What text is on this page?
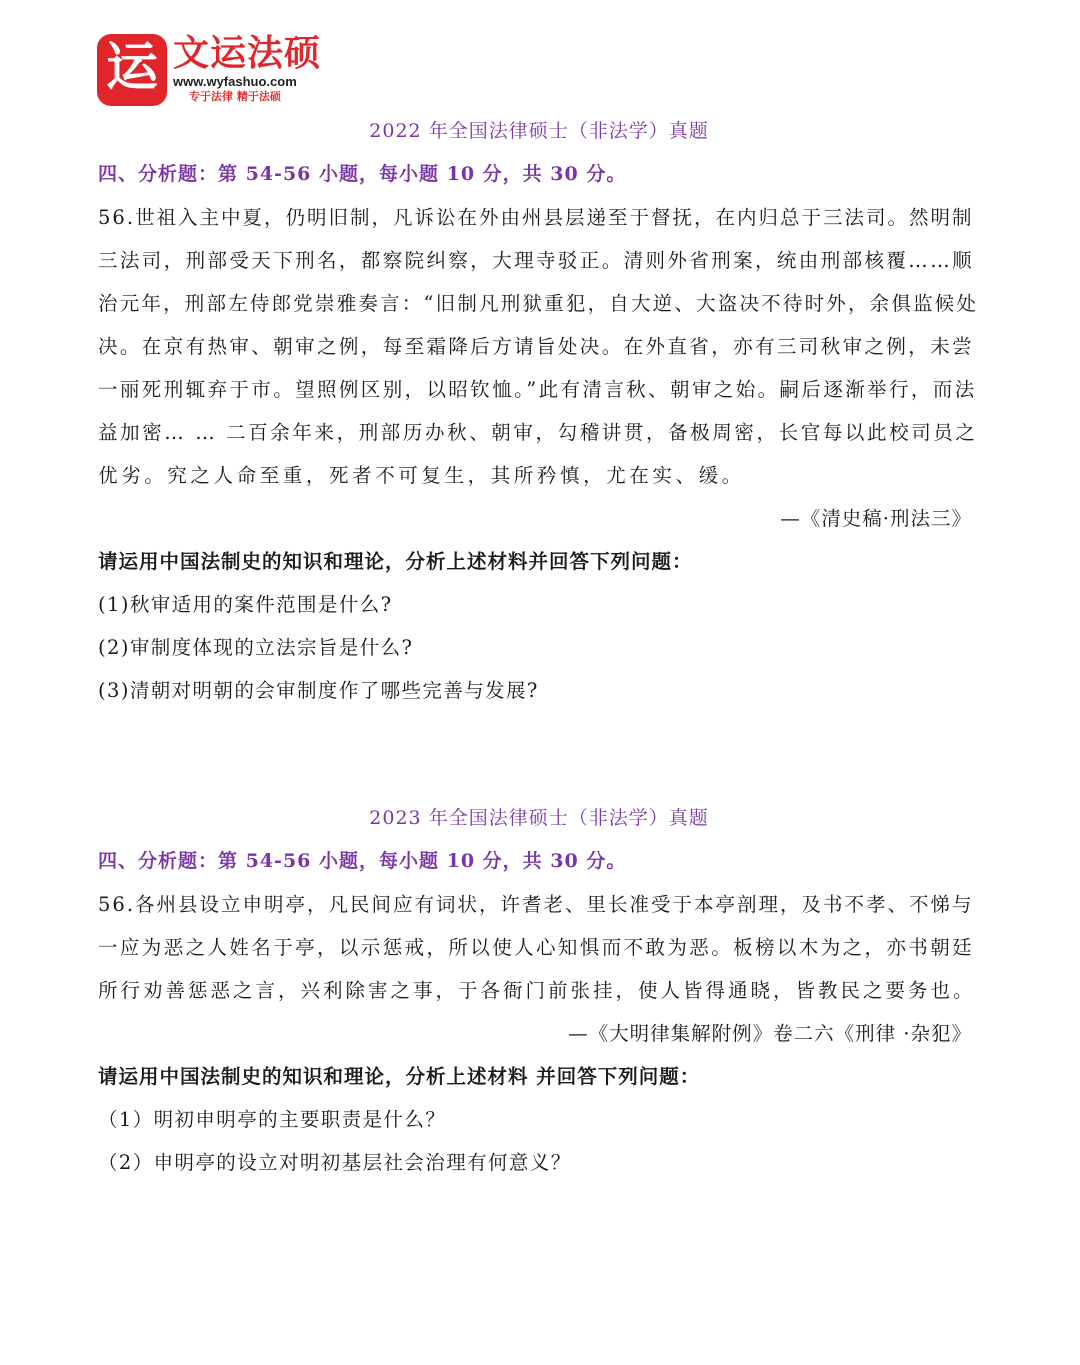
运 文运法硕
www.wyfashuo.com
专于法律 精于法硕
2022 年全国法律硕士（非法学）真题
四、分析题：第 54-56 小题，每小题 10 分，共 30 分。
56.世祖入主中夏，仍明旧制，凡诉讼在外由州县层递至于督抚，在内归总于三法司。然明制
三法司，刑部受天下刑名，都察院纠察，大理寺驳正。清则外省刑案，统由刑部核覆……顺
治元年，刑部左侍郎党崇雅奏言：“旧制凡刑狱重犯，自大逆、大盗决不待时外，余俱监候处
决。在京有热审、朝审之例，每至霜降后方请旨处决。在外直省，亦有三司秋审之例，未尝
一丽死刑辄弃于市。望照例区别，以昭钦恤。”此有清言秋、朝审之始。嗣后逐渐举行，而法
益加密… … 二百余年来，刑部历办秋、朝审，勾稽讲贯，备极周密，长官每以此校司员之
优劣。究之人命至重，死者不可复生，其所矜慎，尤在实、缓。
—《清史稿·刑法三》
请运用中国法制史的知识和理论，分析上述材料并回答下列问题：
(1)秋审适用的案件范围是什么?
(2)审制度体现的立法宗旨是什么?
(3)清朝对明朝的会审制度作了哪些完善与发展?
2023 年全国法律硕士（非法学）真题
四、分析题：第 54-56 小题，每小题 10 分，共 30 分。
56.各州县设立申明亭，凡民间应有词状，许耆老、里长准受于本亭剖理，及书不孝、不悌与
一应为恶之人姓名于亭，以示惩戒，所以使人心知惧而不敢为恶。板榜以木为之，亦书朝廷
所行劝善惩恶之言，兴利除害之事，于各衙门前张挂，使人皆得通晓，皆教民之要务也。
—《大明律集解附例》卷二六《刑律 ·杂犯》
请运用中国法制史的知识和理论，分析上述材料 并回答下列问题：
（1）明初申明亭的主要职责是什么？
（2）申明亭的设立对明初基层社会治理有何意义？
